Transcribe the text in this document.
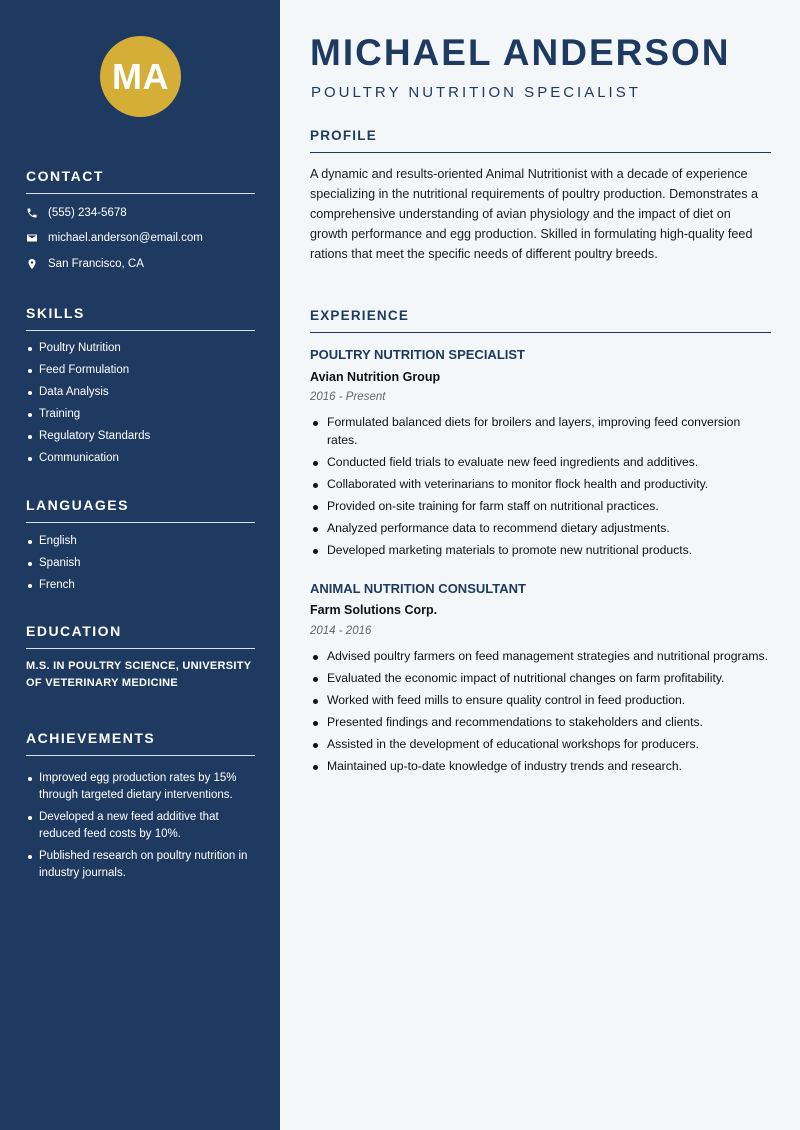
MA
CONTACT
(555) 234-5678
michael.anderson@email.com
San Francisco, CA
SKILLS
Poultry Nutrition
Feed Formulation
Data Analysis
Training
Regulatory Standards
Communication
LANGUAGES
English
Spanish
French
EDUCATION
M.S. IN POULTRY SCIENCE, UNIVERSITY OF VETERINARY MEDICINE
ACHIEVEMENTS
Improved egg production rates by 15% through targeted dietary interventions.
Developed a new feed additive that reduced feed costs by 10%.
Published research on poultry nutrition in industry journals.
MICHAEL ANDERSON
POULTRY NUTRITION SPECIALIST
PROFILE
A dynamic and results-oriented Animal Nutritionist with a decade of experience specializing in the nutritional requirements of poultry production. Demonstrates a comprehensive understanding of avian physiology and the impact of diet on growth performance and egg production. Skilled in formulating high-quality feed rations that meet the specific needs of different poultry breeds.
EXPERIENCE
POULTRY NUTRITION SPECIALIST
Avian Nutrition Group
2016 - Present
Formulated balanced diets for broilers and layers, improving feed conversion rates.
Conducted field trials to evaluate new feed ingredients and additives.
Collaborated with veterinarians to monitor flock health and productivity.
Provided on-site training for farm staff on nutritional practices.
Analyzed performance data to recommend dietary adjustments.
Developed marketing materials to promote new nutritional products.
ANIMAL NUTRITION CONSULTANT
Farm Solutions Corp.
2014 - 2016
Advised poultry farmers on feed management strategies and nutritional programs.
Evaluated the economic impact of nutritional changes on farm profitability.
Worked with feed mills to ensure quality control in feed production.
Presented findings and recommendations to stakeholders and clients.
Assisted in the development of educational workshops for producers.
Maintained up-to-date knowledge of industry trends and research.
